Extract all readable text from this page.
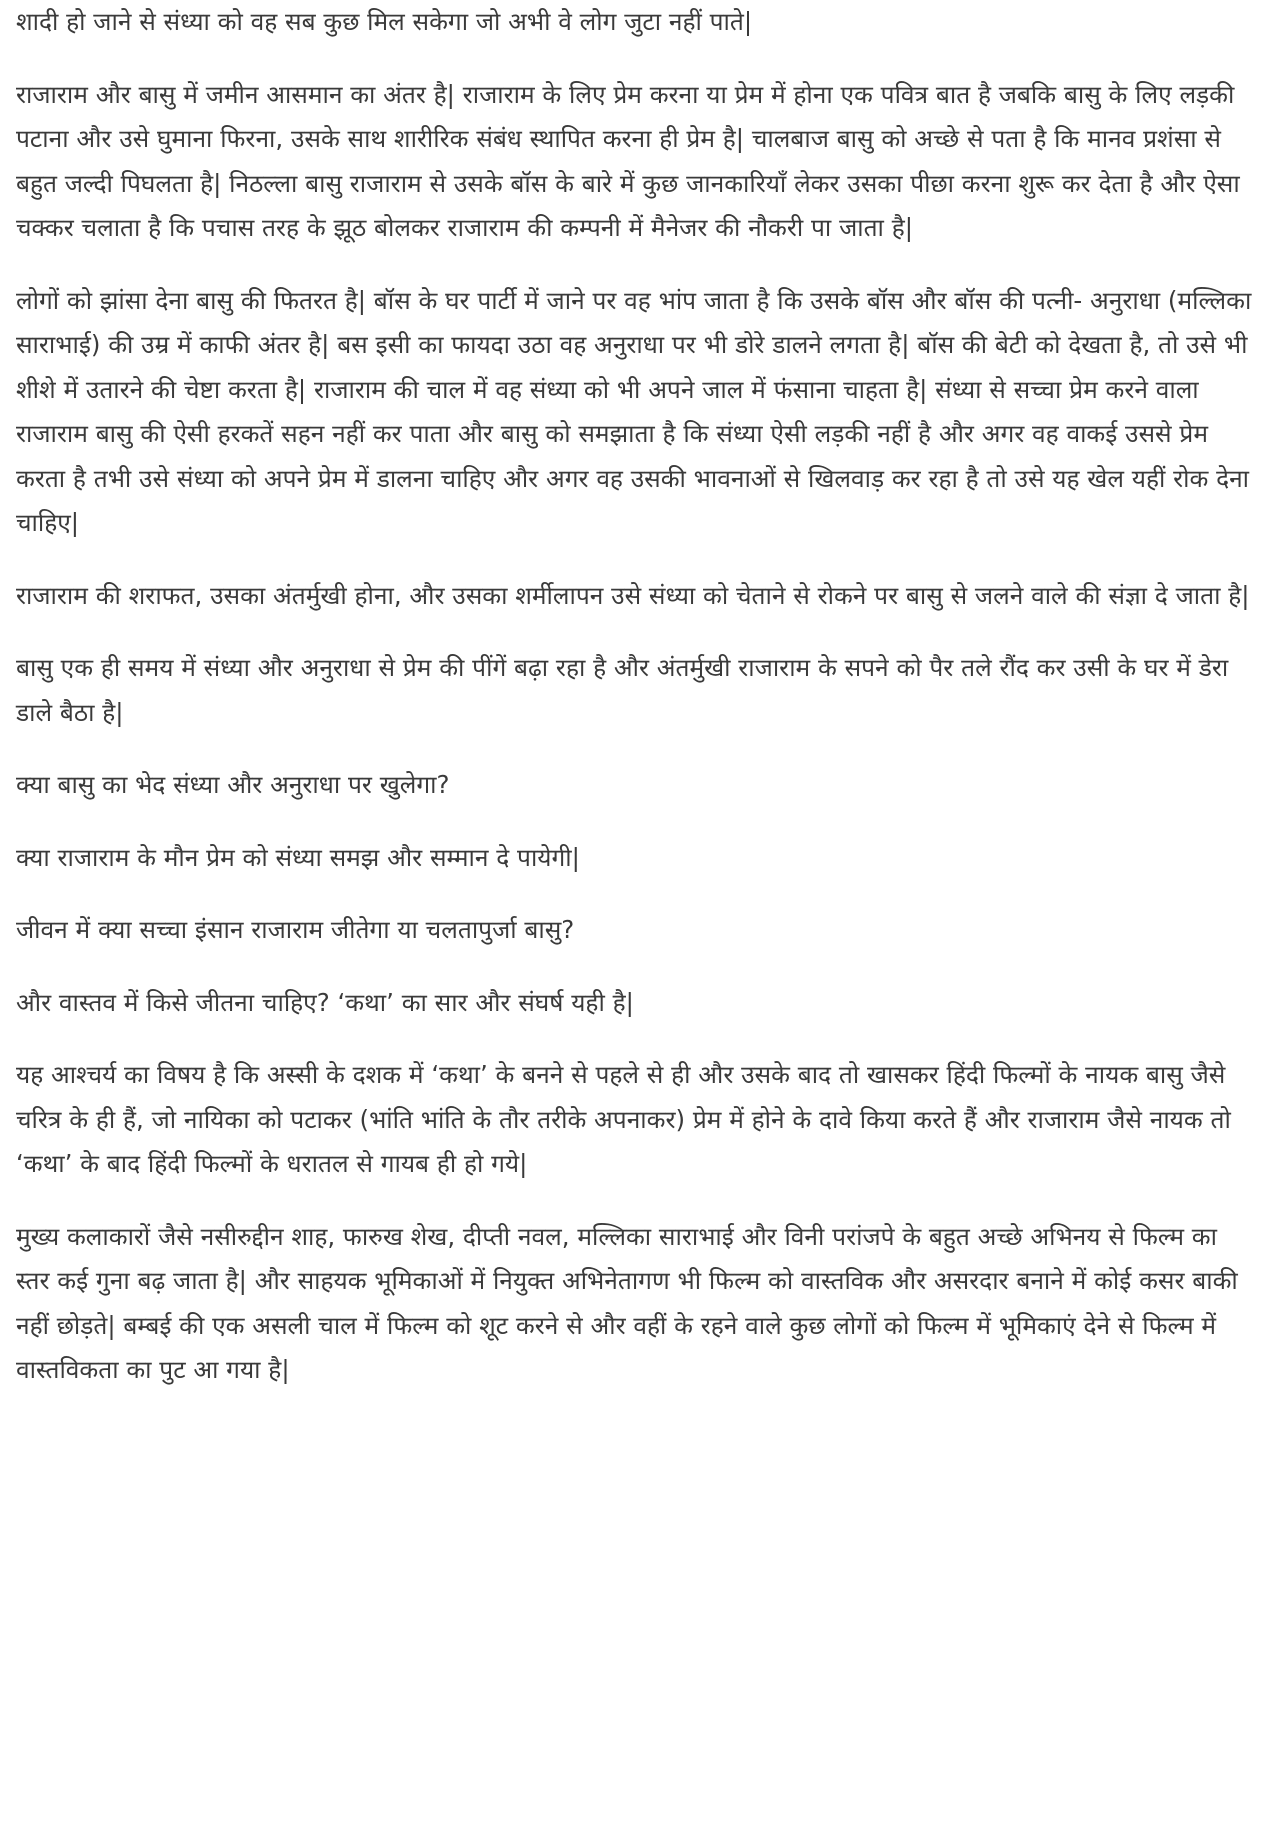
शादी हो जाने से संध्या को वह सब कुछ मिल सकेगा जो अभी वे लोग जुटा नहीं पाते|

राजाराम और बासु में जमीन आसमान का अंतर है| राजाराम के लिए प्रेम करना या प्रेम में होना एक पवित्र बात है जबकि बासु के लिए लड़की पटाना और उसे घुमाना फिरना, उसके साथ शारीरिक संबंध स्थापित करना ही प्रेम है| चालबाज बासु को अच्छे से पता है कि मानव प्रशंसा से बहुत जल्दी पिघलता है| निठल्ला बासु राजाराम से उसके बॉस के बारे में कुछ जानकारियाँ लेकर उसका पीछा करना शुरू कर देता है और ऐसा चक्कर चलाता है कि पचास तरह के झूठ बोलकर राजाराम की कम्पनी में मैनेजर की नौकरी पा जाता है|

लोगों को झांसा देना बासु की फितरत है| बॉस के घर पार्टी में जाने पर वह भांप जाता है कि उसके बॉस और बॉस की पत्नी- अनुराधा (मल्लिका साराभाई) की उम्र में काफी अंतर है| बस इसी का फायदा उठा वह अनुराधा पर भी डोरे डालने लगता है| बॉस की बेटी को देखता है, तो उसे भी शीशे में उतारने की चेष्टा करता है| राजाराम की चाल में वह संध्या को भी अपने जाल में फंसाना चाहता है| संध्या से सच्चा प्रेम करने वाला राजाराम बासु की ऐसी हरकतें सहन नहीं कर पाता और बासु को समझाता है कि संध्या ऐसी लड़की नहीं है और अगर वह वाकई उससे प्रेम करता है तभी उसे संध्या को अपने प्रेम में डालना चाहिए और अगर वह उसकी भावनाओं से खिलवाड़ कर रहा है तो उसे यह खेल यहीं रोक देना चाहिए|

राजाराम की शराफत, उसका अंतर्मुखी होना, और उसका शर्मीलापन उसे संध्या को चेताने से रोकने पर बासु से जलने वाले की संज्ञा दे जाता है|

बासु एक ही समय में संध्या और अनुराधा से प्रेम की पींगें बढ़ा रहा है और अंतर्मुखी राजाराम के सपने को पैर तले रौंद कर उसी के घर में डेरा डाले बैठा है|

क्या बासु का भेद संध्या और अनुराधा पर खुलेगा?

क्या राजाराम के मौन प्रेम को संध्या समझ और सम्मान दे पायेगी|

जीवन में क्या सच्चा इंसान राजाराम जीतेगा या चलतापुर्जा बासु?

और वास्तव में किसे जीतना चाहिए? ‘कथा’ का सार और संघर्ष यही है|

यह आश्चर्य का विषय है कि अस्सी के दशक में ‘कथा’ के बनने से पहले से ही और उसके बाद तो खासकर हिंदी फिल्मों के नायक बासु जैसे चरित्र के ही हैं, जो नायिका को पटाकर (भांति भांति के तौर तरीके अपनाकर) प्रेम में होने के दावे किया करते हैं और राजाराम जैसे नायक तो ‘कथा’ के बाद हिंदी फिल्मों के धरातल से गायब ही हो गये|

मुख्य कलाकारों जैसे नसीरुद्दीन शाह, फारुख शेख, दीप्ती नवल, मल्लिका साराभाई और विनी परांजपे के बहुत अच्छे अभिनय से फिल्म का स्तर कई गुना बढ़ जाता है| और साहयक भूमिकाओं में नियुक्त अभिनेतागण भी फिल्म को वास्तविक और असरदार बनाने में कोई कसर बाकी नहीं छोड़ते| बम्बई की एक असली चाल में फिल्म को शूट करने से और वहीं के रहने वाले कुछ लोगों को फिल्म में भूमिकाएं देने से फिल्म में वास्तविकता का पुट आ गया है|
